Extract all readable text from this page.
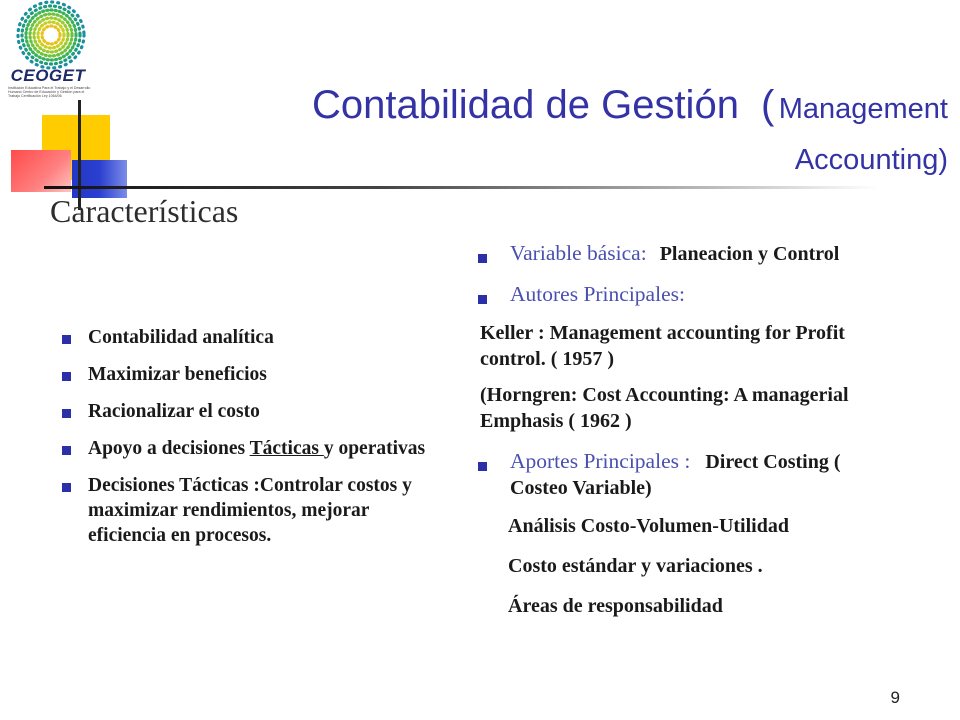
CEOGET
Institución Educativa Para el Trabajo y el Desarrollo Humano Centro de Educación y Gestión para el Trabajo Certificación Ley 1064/06	Contabilidad de Gestión ( Management
Accounting)
Características
Contabilidad analítica
Maximizar beneficios
Racionalizar el costo
Apoyo a decisiones Tácticas y operativas
Decisiones Tácticas :Controlar costos y maximizar rendimientos, mejorar eficiencia en procesos.
Variable básica: Planeacion y Control
Autores Principales:
Keller : Management accounting for Profit control. ( 1957 )
(Horngren: Cost Accounting: A managerial Emphasis ( 1962 )
Aportes Principales : Direct Costing ( Costeo Variable)
Análisis Costo-Volumen-Utilidad
Costo estándar y variaciones .
Áreas de responsabilidad
9
